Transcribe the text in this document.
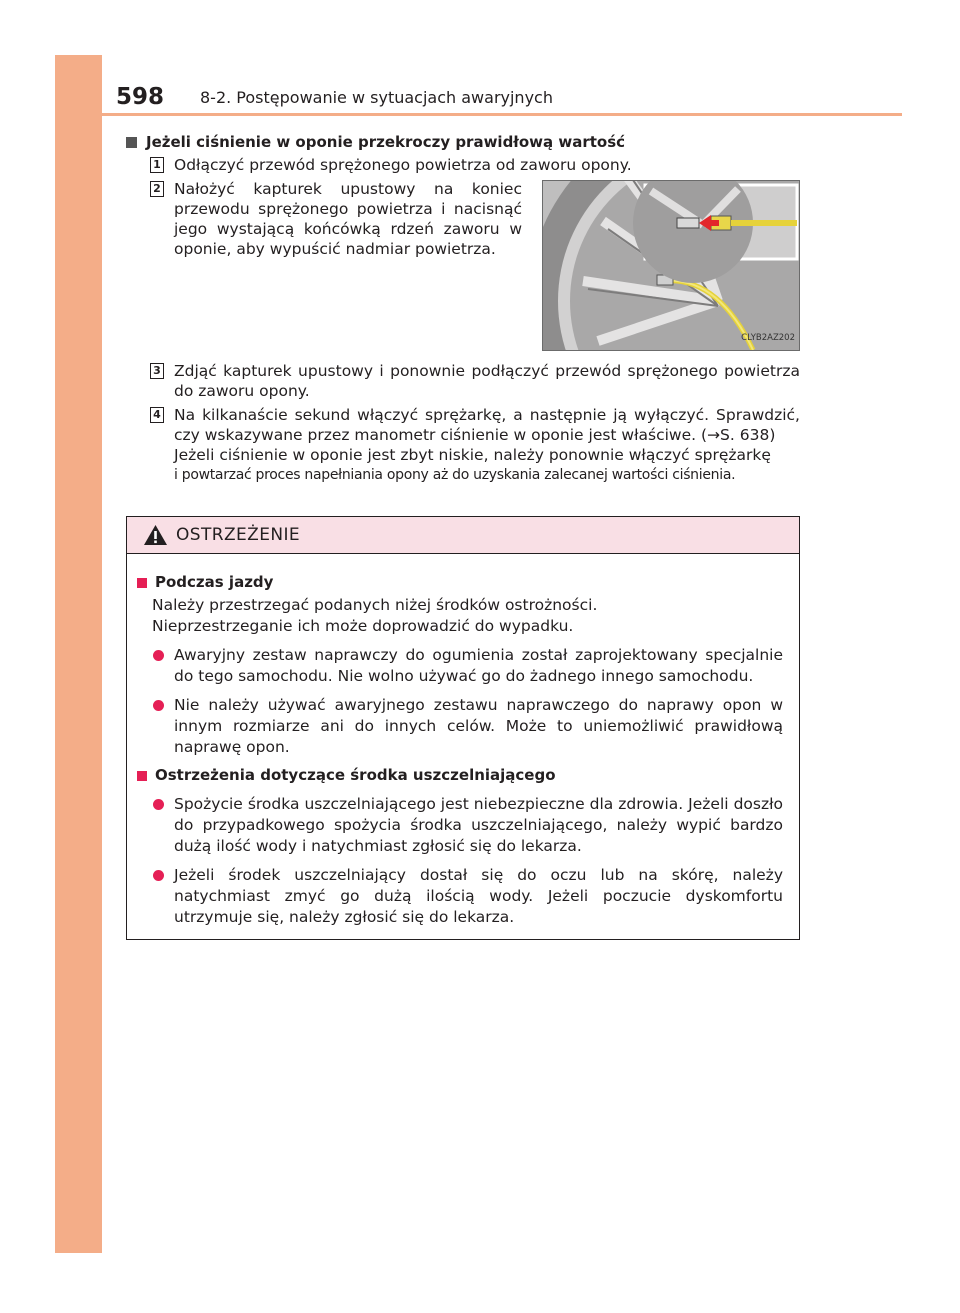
598 8-2. Postępowanie w sytuacjach awaryjnych
Jeżeli ciśnienie w oponie przekroczy prawidłową wartość
1 Odłączyć przewód sprężonego powietrza od zaworu opony.
2 Nałożyć kapturek upustowy na koniec przewodu sprężonego powietrza i nacisnąć jego wystającą końcówką rdzeń zaworu w oponie, aby wypuścić nadmiar powietrza.
CLYB2AZ202
3 Zdjąć kapturek upustowy i ponownie podłączyć przewód sprężonego powietrza do zaworu opony.
4 Na kilkanaście sekund włączyć sprężarkę, a następnie ją wyłączyć. Sprawdzić, czy wskazywane przez manometr ciśnienie w oponie jest właściwe. (→S. 638)
Jeżeli ciśnienie w oponie jest zbyt niskie, należy ponownie włączyć sprężarkę
i powtarzać proces napełniania opony aż do uzyskania zalecanej wartości ciśnienia.
OSTRZEŻENIE
Podczas jazdy
Należy przestrzegać podanych niżej środków ostrożności.
Nieprzestrzeganie ich może doprowadzić do wypadku.
Awaryjny zestaw naprawczy do ogumienia został zaprojektowany specjalnie do tego samochodu. Nie wolno używać go do żadnego innego samochodu.
Nie należy używać awaryjnego zestawu naprawczego do naprawy opon w innym rozmiarze ani do innych celów. Może to uniemożliwić prawidłową naprawę opon.
Ostrzeżenia dotyczące środka uszczelniającego
Spożycie środka uszczelniającego jest niebezpieczne dla zdrowia. Jeżeli doszło do przypadkowego spożycia środka uszczelniającego, należy wypić bardzo dużą ilość wody i natychmiast zgłosić się do lekarza.
Jeżeli środek uszczelniający dostał się do oczu lub na skórę, należy natychmiast zmyć go dużą ilością wody. Jeżeli poczucie dyskomfortu utrzymuje się, należy zgłosić się do lekarza.
